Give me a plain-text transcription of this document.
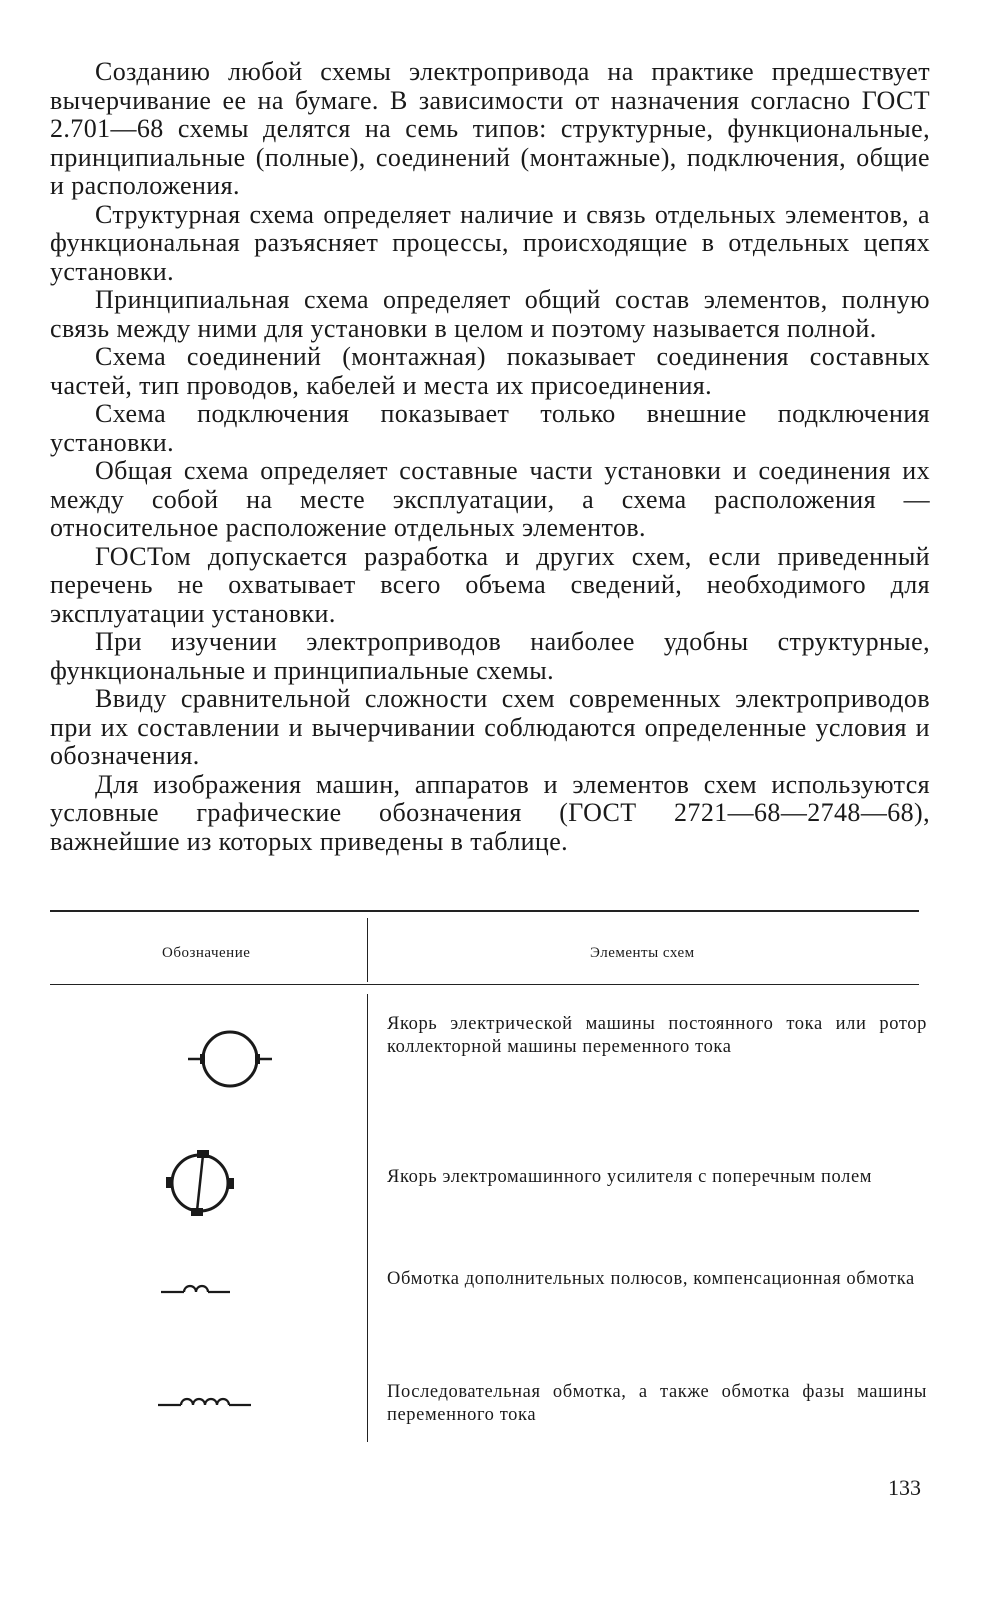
Созданию любой схемы электропривода на практике предшествует вычерчивание ее на бумаге. В зависимости от назначения согласно ГОСТ 2.701—68 схемы делятся на семь типов: структурные, функциональные, принципиальные (полные), соединений (монтажные), подключения, общие и расположения.

Структурная схема определяет наличие и связь отдельных элементов, а функциональная разъясняет процессы, происходящие в отдельных цепях установки.

Принципиальная схема определяет общий состав элементов, полную связь между ними для установки в целом и поэтому называется полной.

Схема соединений (монтажная) показывает соединения составных частей, тип проводов, кабелей и места их присоединения.

Схема подключения показывает только внешние подключения установки.

Общая схема определяет составные части установки и соединения их между собой на месте эксплуатации, а схема расположения — относительное расположение отдельных элементов.

ГОСТом допускается разработка и других схем, если приведенный перечень не охватывает всего объема сведений, необходимого для эксплуатации установки.

При изучении электроприводов наиболее удобны структурные, функциональные и принципиальные схемы.

Ввиду сравнительной сложности схем современных электроприводов при их составлении и вычерчивании соблюдаются определенные условия и обозначения.

Для изображения машин, аппаратов и элементов схем используются условные графические обозначения (ГОСТ 2721—68—2748—68), важнейшие из которых приведены в таблице.

Обозначение	Элементы схем
Якорь электрической машины постоянного тока или ротор коллекторной машины переменного тока
Якорь электромашинного усилителя с поперечным полем
Обмотка дополнительных полюсов, компенсационная обмотка
Последовательная обмотка, а также обмотка фазы машины переменного тока
133
